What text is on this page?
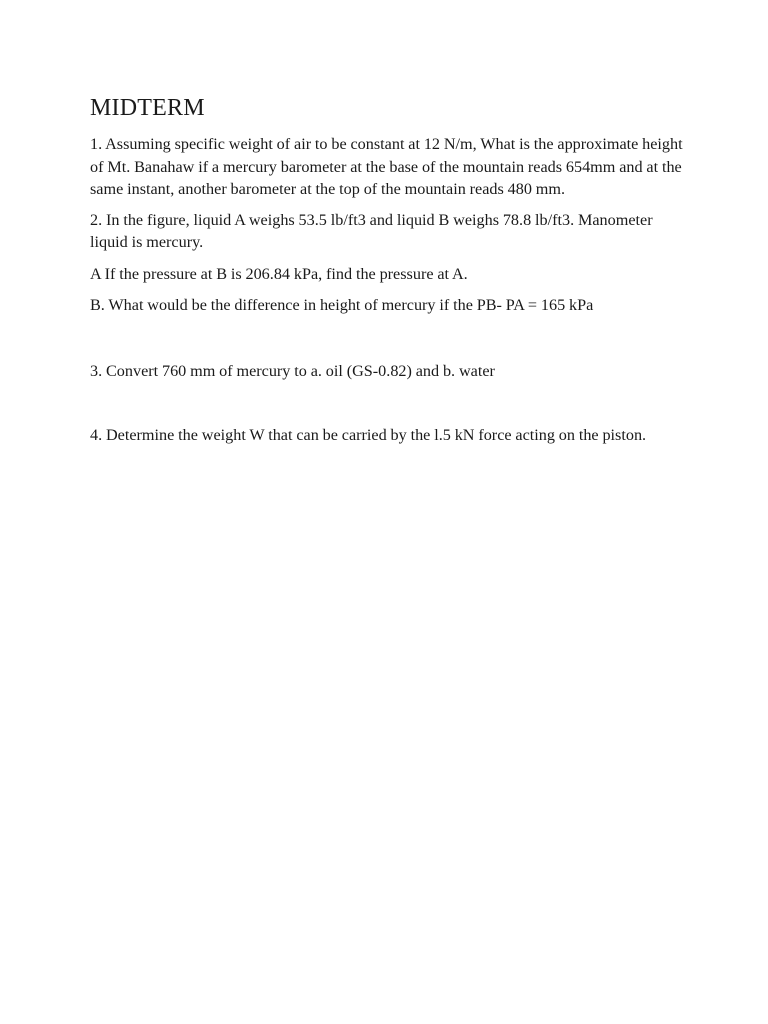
MIDTERM

1. Assuming specific weight of air to be constant at 12 N/m, What is the approximate height of Mt. Banahaw if a mercury barometer at the base of the mountain reads 654mm and at the same instant, another barometer at the top of the mountain reads 480 mm.

2. In the figure, liquid A weighs 53.5 lb/ft3 and liquid B weighs 78.8 lb/ft3. Manometer liquid is mercury.

A If the pressure at B is 206.84 kPa, find the pressure at A.

B. What would be the difference in height of mercury if the PB- PA = 165 kPa

3. Convert 760 mm of mercury to a. oil (GS-0.82) and b. water

4. Determine the weight W that can be carried by the l.5 kN force acting on the piston.
